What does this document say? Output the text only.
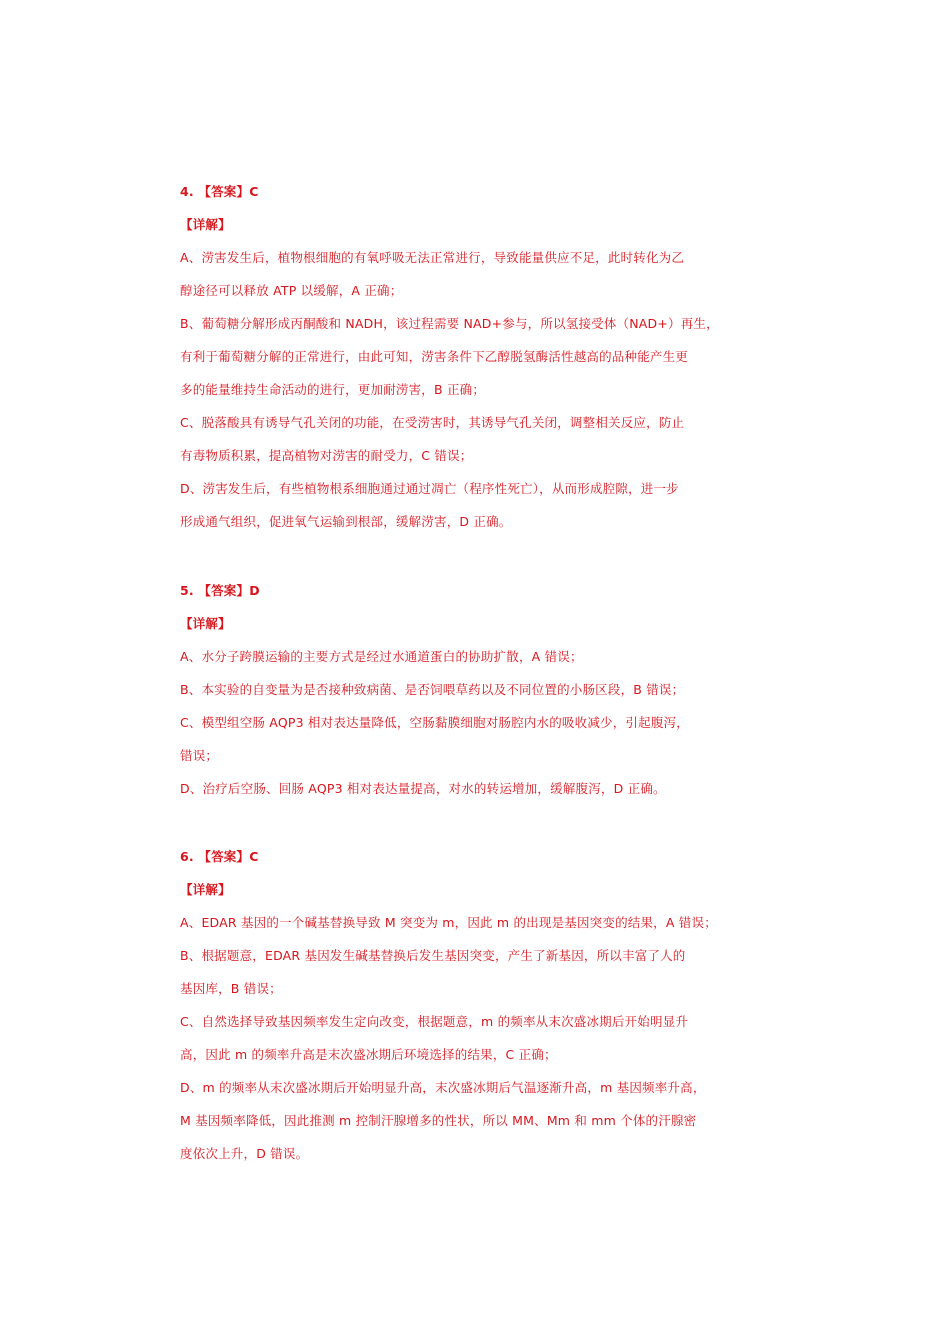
4. 【答案】C
【详解】
A、涝害发生后，植物根细胞的有氧呼吸无法正常进行，导致能量供应不足，此时转化为乙
醇途径可以释放 ATP 以缓解，A 正确；
B、葡萄糖分解形成丙酮酸和 NADH，该过程需要 NAD+参与，所以氢接受体（NAD+）再生，
有利于葡萄糖分解的正常进行，由此可知，涝害条件下乙醇脱氢酶活性越高的品种能产生更
多的能量维持生命活动的进行，更加耐涝害，B 正确；
C、脱落酸具有诱导气孔关闭的功能，在受涝害时，其诱导气孔关闭，调整相关反应，防止
有毒物质积累，提高植物对涝害的耐受力，C 错误；
D、涝害发生后，有些植物根系细胞通过通过凋亡（程序性死亡），从而形成腔隙，进一步
形成通气组织，促进氧气运输到根部，缓解涝害，D 正确。
5. 【答案】D
【详解】
A、水分子跨膜运输的主要方式是经过水通道蛋白的协助扩散，A 错误；
B、本实验的自变量为是否接种致病菌、是否饲喂草药以及不同位置的小肠区段，B 错误；
C、模型组空肠 AQP3 相对表达量降低，空肠黏膜细胞对肠腔内水的吸收减少，引起腹泻，
错误；
D、治疗后空肠、回肠 AQP3 相对表达量提高，对水的转运增加，缓解腹泻，D 正确。
6. 【答案】C
【详解】
A、EDAR 基因的一个碱基替换导致 M 突变为 m，因此 m 的出现是基因突变的结果，A 错误；
B、根据题意，EDAR 基因发生碱基替换后发生基因突变，产生了新基因，所以丰富了人的
基因库，B 错误；
C、自然选择导致基因频率发生定向改变，根据题意，m 的频率从末次盛冰期后开始明显升
高，因此 m 的频率升高是末次盛冰期后环境选择的结果，C 正确；
D、m 的频率从末次盛冰期后开始明显升高，末次盛冰期后气温逐渐升高，m 基因频率升高，
M 基因频率降低，因此推测 m 控制汗腺增多的性状，所以 MM、Mm 和 mm 个体的汗腺密
度依次上升，D 错误。
